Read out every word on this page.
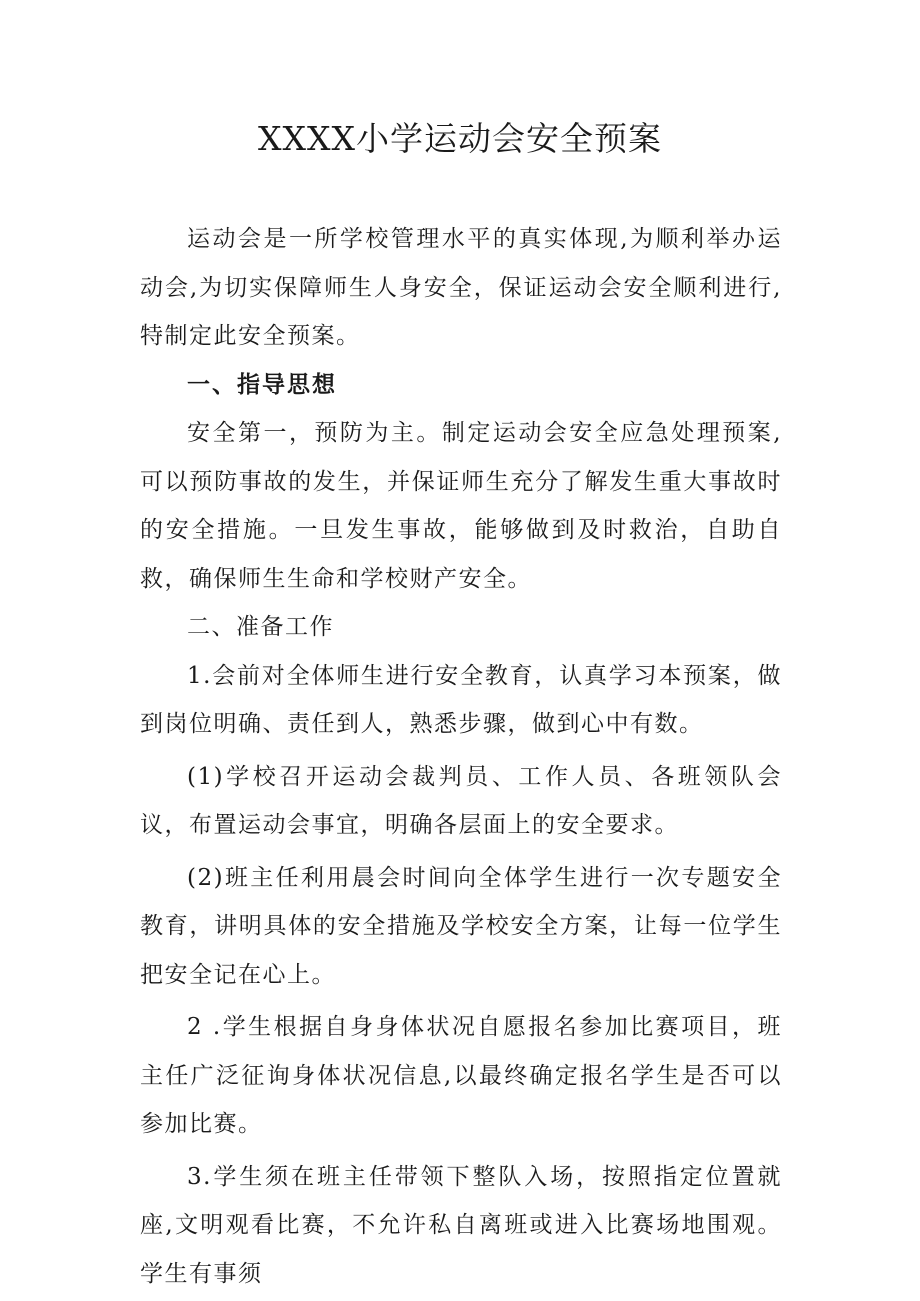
XXXX小学运动会安全预案

运动会是一所学校管理水平的真实体现,为顺利举办运动会,为切实保障师生人身安全，保证运动会安全顺利进行,特制定此安全预案。

一、指导思想

安全第一，预防为主。制定运动会安全应急处理预案,可以预防事故的发生，并保证师生充分了解发生重大事故时的安全措施。一旦发生事故，能够做到及时救治，自助自救，确保师生生命和学校财产安全。

二、准备工作

1.会前对全体师生进行安全教育，认真学习本预案，做到岗位明确、责任到人，熟悉步骤，做到心中有数。

(1)学校召开运动会裁判员、工作人员、各班领队会议，布置运动会事宜，明确各层面上的安全要求。

(2)班主任利用晨会时间向全体学生进行一次专题安全教育，讲明具体的安全措施及学校安全方案，让每一位学生把安全记在心上。

2 .学生根据自身身体状况自愿报名参加比赛项目，班主任广泛征询身体状况信息,以最终确定报名学生是否可以参加比赛。

3.学生须在班主任带领下整队入场，按照指定位置就座,文明观看比赛，不允许私自离班或进入比赛场地围观。学生有事须
